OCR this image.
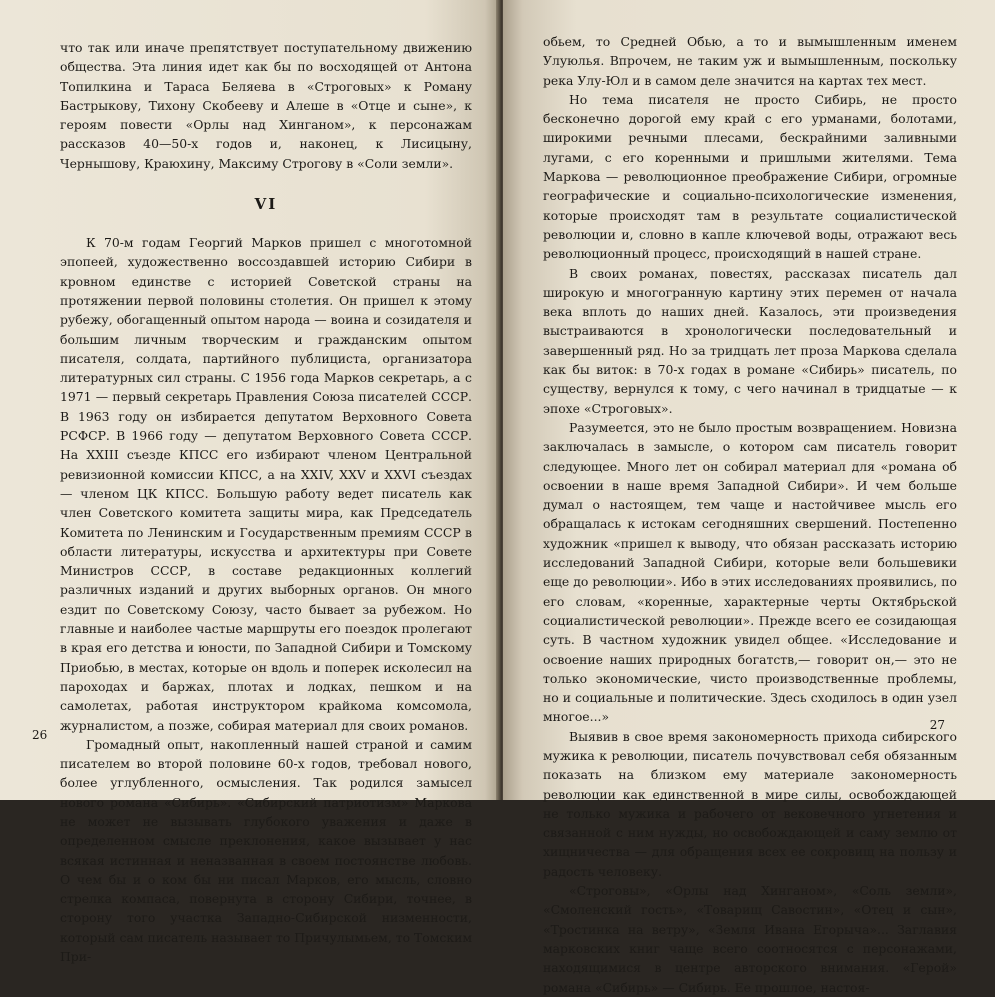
что так или иначе препятствует поступательному движению общества. Эта линия идет как бы по восходящей от Антона Топилкина и Тараса Беляева в «Строговых» к Роману Бастрыкову, Тихону Скобееву и Алеше в «Отце и сыне», к героям повести «Орлы над Хинганом», к персонажам рассказов 40—50-х годов и, наконец, к Лисицыну, Чернышову, Краюхину, Максиму Строгову в «Соли земли».

VI

К 70-м годам Георгий Марков пришел с многотомной эпопеей, художественно воссоздавшей историю Сибири в кровном единстве с историей Советской страны на протяжении первой половины столетия. Он пришел к этому рубежу, обогащенный опытом народа — воина и созидателя и большим личным творческим и гражданским опытом писателя, солдата, партийного публициста, организатора литературных сил страны. С 1956 года Марков секретарь, а с 1971 — первый секретарь Правления Союза писателей СССР. В 1963 году он избирается депутатом Верховного Совета РСФСР. В 1966 году — депутатом Верховного Совета СССР. На XXIII съезде КПСС его избирают членом Центральной ревизионной комиссии КПСС, а на XXIV, XXV и XXVI съездах — членом ЦК КПСС. Большую работу ведет писатель как член Советского комитета защиты мира, как Председатель Комитета по Ленинским и Государственным премиям СССР в области литературы, искусства и архитектуры при Совете Министров СССР, в составе редакционных коллегий различных изданий и других выборных органов. Он много ездит по Советскому Союзу, часто бывает за рубежом. Но главные и наиболее частые маршруты его поездок пролегают в края его детства и юности, по Западной Сибири и Томскому Приобью, в местах, которые он вдоль и поперек исколесил на пароходах и баржах, плотах и лодках, пешком и на самолетах, работая инструктором крайкома комсомола, журналистом, а позже, собирая материал для своих романов.

Громадный опыт, накопленный нашей страной и самим писателем во второй половине 60-х годов, требовал нового, более углубленного, осмысления. Так родился замысел нового романа «Сибирь». «Сибирский патриотизм» Маркова не может не вызывать глубокого уважения и даже в определенном смысле преклонения, какое вызывает у нас всякая истинная и неназванная в своем постоянстве любовь. О чем бы и о ком бы ни писал Марков, его мысль, словно стрелка компаса, повернута в сторону Сибири, точнее, в сторону того участка Западно-Сибирской низменности, который сам писатель называет то Причулымьем, то Томским При-

26

обьем, то Средней Обью, а то и вымышленным именем Улуюлья. Впрочем, не таким уж и вымышленным, поскольку река Улу-Юл и в самом деле значится на картах тех мест.

Но тема писателя не просто Сибирь, не просто бесконечно дорогой ему край с его урманами, болотами, широкими речными плесами, бескрайними заливными лугами, с его коренными и пришлыми жителями. Тема Маркова — революционное преображение Сибири, огромные географические и социально-психологические изменения, которые происходят там в результате социалистической революции и, словно в капле ключевой воды, отражают весь революционный процесс, происходящий в нашей стране.

В своих романах, повестях, рассказах писатель дал широкую и многогранную картину этих перемен от начала века вплоть до наших дней. Казалось, эти произведения выстраиваются в хронологически последовательный и завершенный ряд. Но за тридцать лет проза Маркова сделала как бы виток: в 70-х годах в романе «Сибирь» писатель, по существу, вернулся к тому, с чего начинал в тридцатые — к эпохе «Строговых».

Разумеется, это не было простым возвращением. Новизна заключалась в замысле, о котором сам писатель говорит следующее. Много лет он собирал материал для «романа об освоении в наше время Западной Сибири». И чем больше думал о настоящем, тем чаще и настойчивее мысль его обращалась к истокам сегодняшних свершений. Постепенно художник «пришел к выводу, что обязан рассказать историю исследований Западной Сибири, которые вели большевики еще до революции». Ибо в этих исследованиях проявились, по его словам, «коренные, характерные черты Октябрьской социалистической революции». Прежде всего ее созидающая суть. В частном художник увидел общее. «Исследование и освоение наших природных богатств,— говорит он,— это не только экономические, чисто производственные проблемы, но и социальные и политические. Здесь сходилось в один узел многое...»

Выявив в свое время закономерность прихода сибирского мужика к революции, писатель почувствовал себя обязанным показать на близком ему материале закономерность революции как единственной в мире силы, освобождающей не только мужика и рабочего от вековечного угнетения и связанной с ним нужды, но освобождающей и саму землю от хищничества — для обращения всех ее сокровищ на пользу и радость человеку.

«Строговы», «Орлы над Хинганом», «Соль земли», «Смоленский гость», «Товарищ Савостин», «Отец и сын», «Тростинка на ветру», «Земля Ивана Егорыча»... Заглавия марковских книг чаще всего соотносятся с персонажами, находящимися в центре авторского внимания. «Герой» романа «Сибирь» — Сибирь. Ее прошлое, настоя-

27
